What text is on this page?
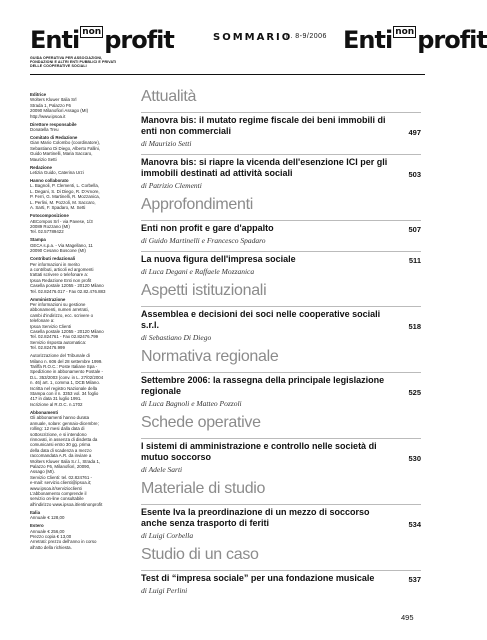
Enti $^{non}$ profit
GUIDA OPERATIVA PER ASSOCIAZIONI, FONDAZIONI E ALTRI ENTI PUBBLICI E PRIVATI DELLE COOPERATIVE SOCIALI
SOMMARIO
n. 8-9/2006 Enti $^{non}$ profit
Editrice
Wolters Kluwer Italia Srl
Strada 1, Palazzo F6
20090 Milanofiori Assago (MI)
http://www.ipsoa.it
Direttore responsabile
Donatella Treu
Comitato di Redazione
Gian Mario Colombo (coordinatore),
Sebastiano Di Diego, Alberto Fallini,
Guido Martinelli, Maria Saccaro,
Maurizio Setti
Redazione
Letizia Guido, Caterina Urzi
Hanno collaborato
L. Bagnoli, P. Clementi, L. Corbella,
L. Degani, S. Di Diego, R. D'Amore,
P. Ferri, G. Martinelli, R. Mozzanica,
L. Perlini, M. Pozzoli, M. Saccaro,
A. Sarti, F. Spadaro, M. Setti
Fotocomposizione
ABCompos Srl - via Pavese, 1/3
20089 Rozzano (MI)
Tel. 02.57789422
Stampa
GECA s.p.a. - Via Magellano, 11
20090 Cesano Boscone (MI)
Contributi redazionali
Per informazioni in merito
a contributi, articoli ed argomenti
trattati scrivere o telefonare a:
Ipsoa Redazione Enti non profit
Casella postale 12055 - 20120 Milano
Tel. 02.82476.017 - Fax 02.82.476.883
Amministrazione
Per informazioni su gestione
abbonamenti, numeri arretrati,
cambi d'indirizzo, ecc. scrivere o
telefonare a:
Ipsoa Servizio Clienti
Casella postale 12055 - 20120 Milano
Tel. 02.824761 - Fax 02.82476.799
Servizio risposta automatica:
Tel. 02.82476.999
Autorizzazione del Tribunale di
Milano n. 606 del 28 settembre 1999.
Tariffa R.O.C.: Poste Italiane Spa -
Spedizione in abbonamento Postale -
D.L. 353/2003 (conv. in L. 27/02/2004
n. 46) art. 1, comma 1, DCB Milano.
Iscritta nel registro Nazionale della
Stampa con il n. 3353 vol. 34 foglio
417 in data 31 luglio 1991.
Iscrizione al R.O.C. n.1702
Abbonamenti
Gli abbonamenti hanno durata
annuale, solare: gennaio-dicembre;
rolling: 12 mesi dalla data di
sottoscrizione, e si intendono
rinnovati, in assenza di disdetta da
comunicarsi entro 30 gg. prima
della data di scadenza a mezzo
raccomandata A.R. da inviare a
Wolters Kluwer Italia S.r.l., Strada 1,
Palazzo F6, Milanofiori, 20090,
Assago (MI).
Servizio Clienti: tel. 02.824761 -
e-mail: servizio.clienti@ipsoa.it;
www.ipsoa.it/servizioclienti
L'abbonamento comprende il
servizio on-line consultabile
all'indirizzo www.ipsoa.it/entinonprofit
Italia
Annuale € 128,00
Estero
Annuale € 256,00
Prezzo copia € 13,00
Arretrati: prezzo dell'anno in corso
all'atto della richiesta.
Attualità
Manovra bis: il mutato regime fiscale dei beni immobili di enti non commerciali	497
di Maurizio Setti
Manovra bis: si riapre la vicenda dell'esenzione ICI per gli immobili destinati ad attività sociali	503
di Patrizio Clementi
Approfondimenti
Enti non profit e gare d'appalto	507
di Guido Martinelli e Francesco Spadaro
La nuova figura dell'impresa sociale	511
di Luca Degani e Raffaele Mozzanica
Aspetti istituzionali
Assemblea e decisioni dei soci nelle cooperative sociali s.r.l.	518
di Sebastiano Di Diego
Normativa regionale
Settembre 2006: la rassegna della principale legislazione regionale	525
di Luca Bagnoli e Matteo Pozzoli
Schede operative
I sistemi di amministrazione e controllo nelle società di mutuo soccorso	530
di Adele Sarti
Materiale di studio
Esente Iva la preordinazione di un mezzo di soccorso anche senza trasporto di feriti	534
di Luigi Corbella
Studio di un caso
Test di “impresa sociale” per una fondazione musicale	537
di Luigi Perlini
495
